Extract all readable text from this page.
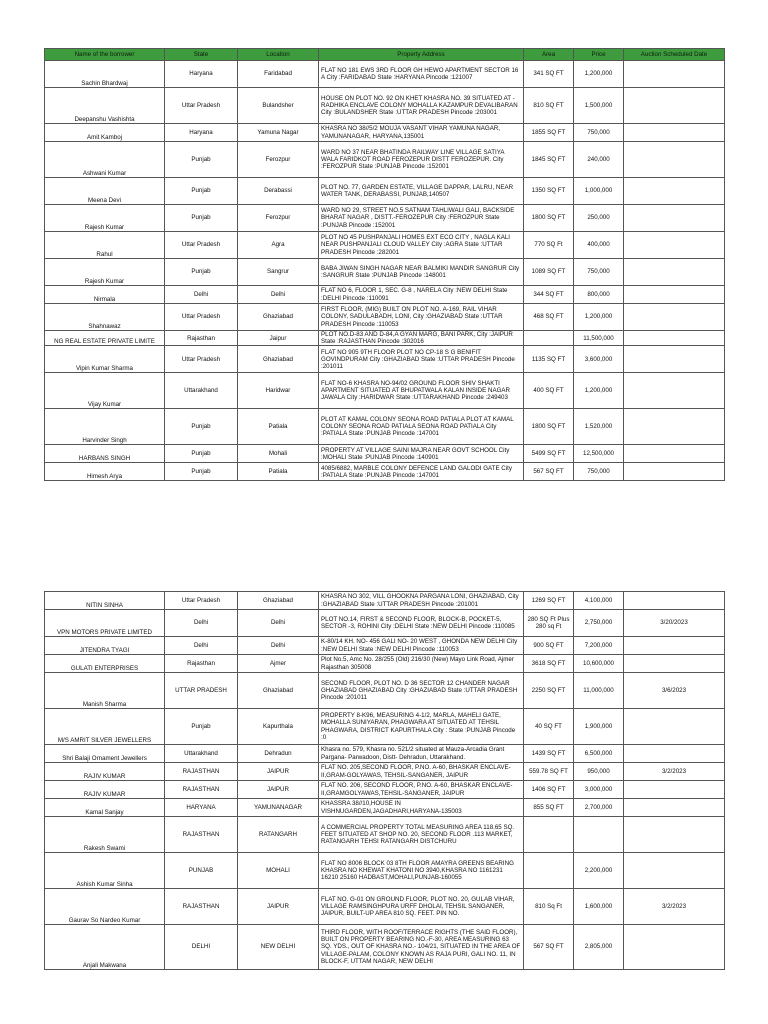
Name of the borrower	State	Location	Property Address	Area	Price	Auction Scheduled Date
Sachin Bhardwaj	Haryana	Faridabad	FLAT NO 181 EWS 3RD FLOOR GH HEWO APARTMENT SECTOR 16 A City :FARIDABAD State :HARYANA Pincode :121007	341 SQ FT	1,200,000	
Deepanshu Vashishta	Uttar Pradesh	Bulandsher	HOUSE ON PLOT NO. 92 ON KHET KHASRA NO. 39 SITUATED AT - RADHIKA ENCLAVE COLONY MOHALLA KAZAMPUR DEVALIBARAN City :BULANDSHER State :UTTAR PRADESH Pincode :203001	810 SQ FT	1,500,000	
Amit Kamboj	Haryana	Yamuna Nagar	KHASRA NO 38//5/2 MOUJA VASANT VIHAR YAMUNA NAGAR, YAMUNANAGAR, HARYANA,135001	1855 SQ FT	750,000	
Ashwani Kumar	Punjab	Ferozpur	WARD NO 37 NEAR BHATINDA RAILWAY LINE VILLAGE SATIYA WALA FARIDKOT ROAD FEROZEPUR DISTT FEROZEPUR. City :FEROZPUR State :PUNJAB Pincode :152001	1845 SQ FT	240,000	
Meena Devi	Punjab	Derabassi	PLOT NO. 77, GARDEN ESTATE, VILLAGE DAPPAR, LALRU, NEAR WATER TANK, DERABASSI, PUNJAB,140507	1350 SQ FT	1,000,000	
Rajesh Kumar	Punjab	Ferozpur	WARD NO 29, STREET NO.5 SATNAM TAHLIWALI GALI, BACKSIDE BHARAT NAGAR , DISTT.-FEROZEPUR City :FEROZPUR State :PUNJAB Pincode :152001	1800 SQ FT	250,000	
Rahul	Uttar Pradesh	Agra	PLOT NO 45 PUSHPANJALI HOMES EXT ECO CITY , NAGLA KALI NEAR PUSHPANJALI CLOUD VALLEY City :AGRA State :UTTAR PRADESH Pincode :282001	770 SQ Ft	400,000	
Rajesh Kumar	Punjab	Sangrur	BABA JIWAN SINGH NAGAR NEAR BALMIKI MANDIR SANGRUR City :SANGRUR State :PUNJAB Pincode :148001	1089 SQ FT	750,000	
Nirmala	Delhi	Delhi	FLAT NO 6, FLOOR 1, SEC. G-8 , NARELA City :NEW DELHI State :DELHI Pincode :110091	344 SQ FT	800,000	
Shahnawaz	Uttar Pradesh	Ghaziabad	FIRST FLOOR, (MIG) BUILT ON PLOT NO. A-169, RAIL VIHAR COLONY, SADULABADH, LONI, City :GHAZIABAD State :UTTAR PRADESH Pincode :110053	468 SQ FT	1,200,000	
NG REAL ESTATE PRIVATE LIMITE	Rajasthan	Jaipur	PLOT NO.D-83 AND D-84,A GYAN MARG, BANI PARK, City :JAIPUR State :RAJASTHAN Pincode :302016		11,500,000	
Vipin Kumar Sharma	Uttar Pradesh	Ghaziabad	FLAT NO 905 9TH FLOOR PLOT NO CP-18 S G BENIFIT GOVINDPURAM City :GHAZIABAD State :UTTAR PRADESH Pincode :201011	1135 SQ FT	3,600,000	
Vijay Kumar	Uttarakhand	Haridwar	FLAT NO-6 KHASRA NO-94/02 GROUND FLOOR SHIV SHAKTI APARTMENT SITUATED AT BHUPATWALA KALAN INSIDE NAGAR JAWALA City :HARIDWAR State :UTTARAKHAND Pincode :249403	400 SQ FT	1,200,000	
Harvinder Singh	Punjab	Patiala	PLOT AT KAMAL COLONY SEONA ROAD PATIALA PLOT AT KAMAL COLONY SEONA ROAD PATIALA SEONA ROAD PATIALA City :PATIALA State :PUNJAB Pincode :147001	1800 SQ FT	1,520,000	
HARBANS SINGH	Punjab	Mohali	PROPERTY AT VILLAGE SAINI MAJRA NEAR GOVT SCHOOL City :MOHALI State :PUNJAB Pincode :140901	5499 SQ FT	12,500,000	
Himesh Arya	Punjab	Patiala	4085/6882, MARBLE COLONY DEFENCE LAND GALODI GATE City :PATIALA State :PUNJAB Pincode :147001	567 SQ FT	750,000	
NITIN SINHA	Uttar Pradesh	Ghaziabad	KHASRA NO 302, VILL GHOOKNA PARGANA LONI, GHAZIABAD, City :GHAZIABAD State :UTTAR PRADESH Pincode :201001	1269 SQ FT	4,100,000	
VPN MOTORS PRIVATE LIMITED	Delhi	Delhi	PLOT NO.14, FIRST & SECOND FLOOR, BLOCK-B, POCKET-5, SECTOR -3, ROHINI City :DELHI State :NEW DELHI Pincode :110085	280 SQ Ft Plus 280 sq Ft	2,750,000	3/20/2023
JITENDRA TYAGI	Delhi	Delhi	K-80/14 KH. NO- 456 GALI NO- 20 WEST , GHONDA NEW DELHI City :NEW DELHI State :NEW DELHI Pincode :110053	900 SQ FT	7,200,000	
GULATI ENTERPRISES	Rajasthan	Ajmer	Plot No.5, Amc No. 28/255 (Old) 216/30 (New) Mayo Link Road, Ajmer Rajasthan 305008	3618 SQ FT	10,600,000	
Manish Sharma	UTTAR PRADESH	Ghaziabad	SECOND FLOOR, PLOT NO. D 36 SECTOR 12 CHANDER NAGAR GHAZIABAD GHAZIABAD City :GHAZIABAD State :UTTAR PRADESH Pincode :201011	2250 SQ FT	11,000,000	3/6/2023
M/S AMRIT SILVER JEWELLERS	Punjab	Kapurthala	PROPERTY 8-K96, MEASURING 4-1/2, MARLA, MAHELI GATE, MOHALLA SUNIYARAN, PHAGWARA AT SITUATED AT TEHSIL PHAGWARA, DISTRICT KAPURTHALA City : State :PUNJAB Pincode :0	40 SQ FT	1,900,000	
Shri Balaji Ornament Jewellers	Uttarakhand	Dehradun	Khasra no. 579, Khasra no. 521/2 situated at Mauza-Arcadia Grant Pargana- Parwadoon, Distt- Dehradun, Uttarakhand.	1439 SQ FT	6,500,000	
RAJIV KUMAR	RAJASTHAN	JAIPUR	FLAT NO. 205,SECOND FLOOR, P.NO. A-60, BHASKAR ENCLAVE-II,GRAM-GOLYAWAS, TEHSIL-SANGANER, JAIPUR	559.78 SQ FT	950,000	3/2/2023
RAJIV KUMAR	RAJASTHAN	JAIPUR	FLAT NO. 206, SECOND FLOOR, P.NO. A-60, BHASKAR ENCLAVE-II,GRAMGOLYAWAS,TEHSIL-SANGANER, JAIPUR	1406 SQ FT	3,000,000	
Kamal Sanjay	HARYANA	YAMUNANAGAR	KHASSRA 38//10,HOUSE IN VISHNUGARDEN,JAGADHARI,HARYANA-135003	855 SQ FT	2,700,000	
Rakesh Swami	RAJASTHAN	RATANGARH	A COMMERCIAL PROPERTY TOTAL MEASURING AREA 118.65 SQ. FEET SITUATED AT SHOP NO. 20, SECOND FLOOR .113 MARKET, RATANGARH TEHSI RATANGARH DISTCHURU			
Ashish Kumar Sinha	PUNJAB	MOHALI	FLAT NO 8006 BLOCK 03 8TH FLOOR AMAYRA GREENS BEARING KHASRA NO KHEWAT KHATONI NO 3940,KHASRA NO 1161231 16210 25160 HADBAST,MOHALI,PUNJAB-160055		2,200,000	
Gaurav So Nardeo Kumar	RAJASTHAN	JAIPUR	FLAT NO. G-01 ON GROUND FLOOR, PLOT NO. 20, GULAB VIHAR, VILLAGE RAMSINGHPURA URFF DHOLAI, TEHSIL SANGANER, JAIPUR, BUILT-UP AREA 810 SQ. FEET. PIN NO.	810 Sq Ft	1,600,000	3/2/2023
Anjali Makwana	DELHI	NEW DELHI	THIRD FLOOR, WITH ROOF/TERRACE RIGHTS (THE SAID FLOOR), BUILT ON PROPERTY BEARING NO.-F-30, AREA MEASURING 63 SQ. YDS., OUT OF KHASRA NO.- 104/21, SITUATED IN THE AREA OF VILLAGE-PALAM, COLONY KNOWN AS RAJA PURI, GALI NO. 11, IN BLOCK-F, UTTAM NAGAR, NEW DELHI	567 SQ FT	2,805,000	
